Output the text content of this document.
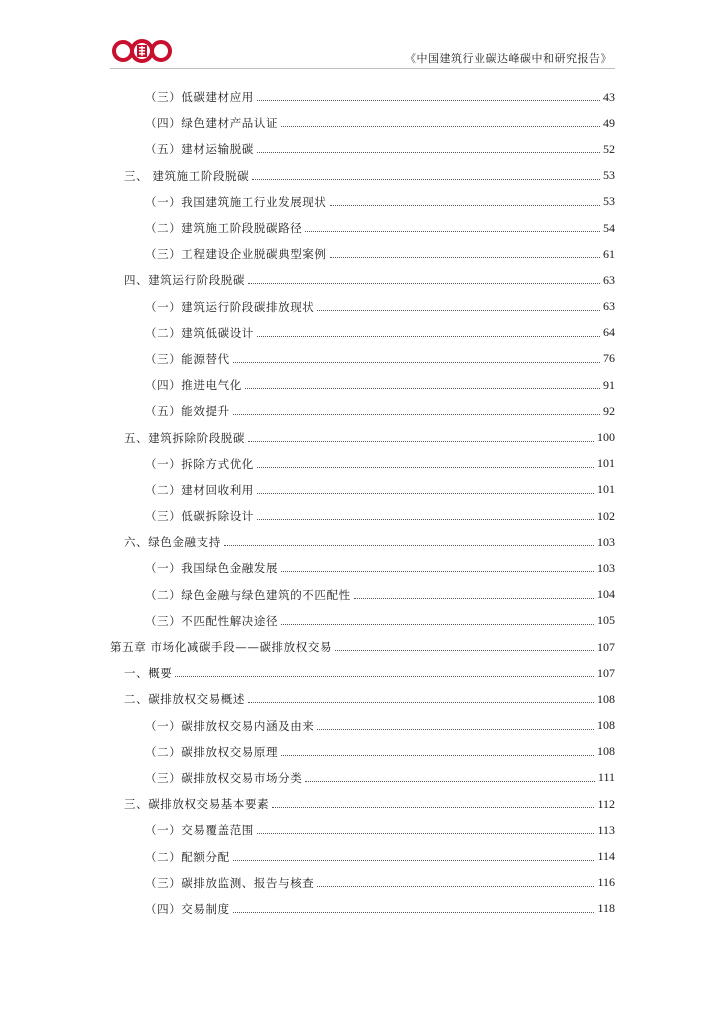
《中国建筑行业碳达峰碳中和研究报告》
（三）低碳建材应用	43
（四）绿色建材产品认证	49
（五）建材运输脱碳	52
三、 建筑施工阶段脱碳	53
（一）我国建筑施工行业发展现状	53
（二）建筑施工阶段脱碳路径	54
（三）工程建设企业脱碳典型案例	61
四、建筑运行阶段脱碳	63
（一）建筑运行阶段碳排放现状	63
（二）建筑低碳设计	64
（三）能源替代	76
（四）推进电气化	91
（五）能效提升	92
五、建筑拆除阶段脱碳	100
（一）拆除方式优化	101
（二）建材回收利用	101
（三）低碳拆除设计	102
六、绿色金融支持	103
（一）我国绿色金融发展	103
（二）绿色金融与绿色建筑的不匹配性	104
（三）不匹配性解决途径	105
第五章 市场化减碳手段——碳排放权交易	107
一、概要	107
二、碳排放权交易概述	108
（一）碳排放权交易内涵及由来	108
（二）碳排放权交易原理	108
（三）碳排放权交易市场分类	111
三、碳排放权交易基本要素	112
（一）交易覆盖范围	113
（二）配额分配	114
（三）碳排放监测、报告与核查	116
（四）交易制度	118
